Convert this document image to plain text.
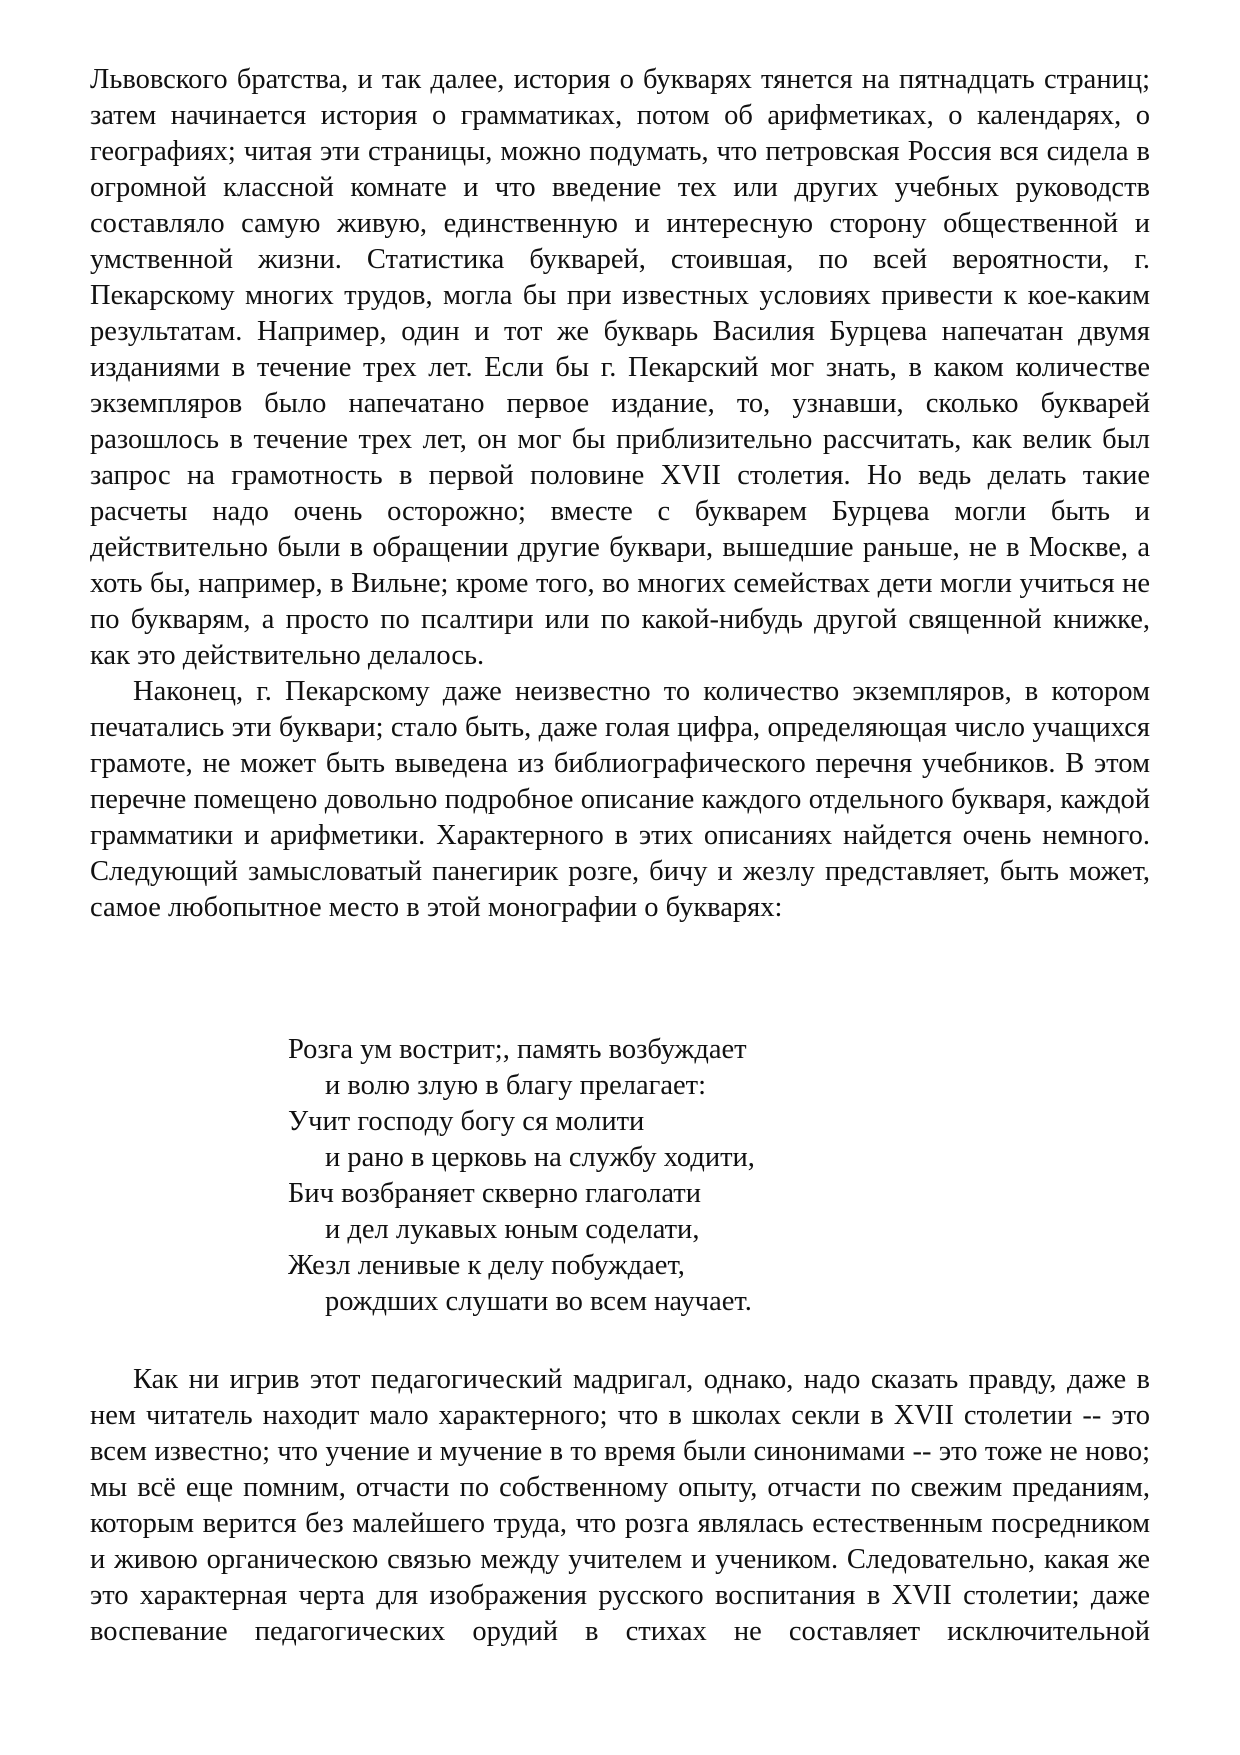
Львовского братства, и так далее, история о букварях тянется на пятнадцать страниц; затем начинается история о грамматиках, потом об арифметиках, о календарях, о географиях; читая эти страницы, можно подумать, что петровская Россия вся сидела в огромной классной комнате и что введение тех или других учебных руководств составляло самую живую, единственную и интересную сторону общественной и умственной жизни. Статистика букварей, стоившая, по всей вероятности, г. Пекарскому многих трудов, могла бы при известных условиях привести к кое-каким результатам. Например, один и тот же букварь Василия Бурцева напечатан двумя изданиями в течение трех лет. Если бы г. Пекарский мог знать, в каком количестве экземпляров было напечатано первое издание, то, узнавши, сколько букварей разошлось в течение трех лет, он мог бы приблизительно рассчитать, как велик был запрос на грамотность в первой половине XVII столетия. Но ведь делать такие расчеты надо очень осторожно; вместе с букварем Бурцева могли быть и действительно были в обращении другие буквари, вышедшие раньше, не в Москве, а хоть бы, например, в Вильне; кроме того, во многих семействах дети могли учиться не по букварям, а просто по псалтири или по какой-нибудь другой священной книжке, как это действительно делалось.

Наконец, г. Пекарскому даже неизвестно то количество экземпляров, в котором печатались эти буквари; стало быть, даже голая цифра, определяющая число учащихся грамоте, не может быть выведена из библиографического перечня учебников. В этом перечне помещено довольно подробное описание каждого отдельного букваря, каждой грамматики и арифметики. Характерного в этих описаниях найдется очень немного. Следующий замысловатый панегирик розге, бичу и жезлу представляет, быть может, самое любопытное место в этой монографии о букварях:

Розга ум вострит;, память возбуждает
и волю злую в благу прелагает:
Учит господу богу ся молити
и рано в церковь на службу ходити,
Бич возбраняет скверно глаголати
и дел лукавых юным соделати,
Жезл ленивые к делу побуждает,
рождших слушати во всем научает.

Как ни игрив этот педагогический мадригал, однако, надо сказать правду, даже в нем читатель находит мало характерного; что в школах секли в XVII столетии -- это всем известно; что учение и мучение в то время были синонимами -- это тоже не ново; мы всё еще помним, отчасти по собственному опыту, отчасти по свежим преданиям, которым верится без малейшего труда, что розга являлась естественным посредником и живою органическою связью между учителем и учеником. Следовательно, какая же это характерная черта для изображения русского воспитания в XVII столетии; даже воспевание педагогических орудий в стихах не составляет исключительной
